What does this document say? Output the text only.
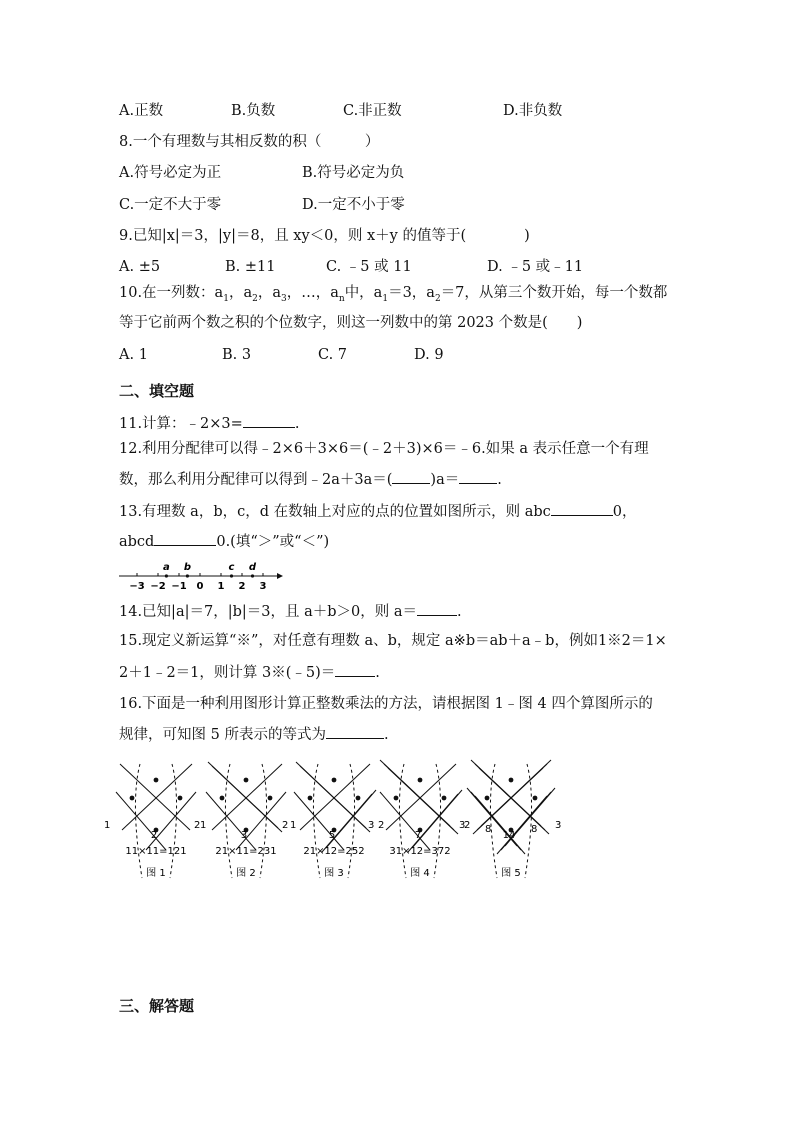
A.正数	B.负数	C.非正数	D.非负数
8.一个有理数与其相反数的积（　　　）
A.符号必定为正	B.符号必定为负
C.一定不大于零	D.一定不小于零
9.已知|x|＝3，|y|＝8，且 xy＜0，则 x＋y 的值等于(　　　　)
A. ±5	B. ±11	C. ﹣5 或 11	D. ﹣5 或﹣11
10.在一列数：$a_1$，$a_2$，$a_3$，…，$a_n$中，$a_1=3$，$a_2=7$，从第三个数开始，每一个数都
等于它前两个数之积的个位数字，则这一列数中的第 2023 个数是(　　)
A. 1	B. 3	C. 7	D. 9
二、填空题
11.计算：﹣2×3=	.
12.利用分配律可以得﹣2×6＋3×6＝(﹣2＋3)×6＝﹣6.如果 a 表示任意一个有理
数，那么利用分配律可以得到﹣2a＋3a＝(	)a＝	.
13.有理数 a，b，c，d 在数轴上对应的点的位置如图所示，则 abc	0，
abcd	0.(填“＞”或“＜”)
−3 −2 −1 0 1 2 3
a b	c d
14.已知|a|＝7，|b|＝3，且 a＋b＞0，则 a＝	.
15.现定义新运算“※”，对任意有理数 a、b，规定 a※b＝ab＋a﹣b，例如1※2＝1×
2＋1﹣2＝1，则计算 3※(﹣5)＝	.
16.下面是一种利用图形计算正整数乘法的方法，请根据图 1﹣图 4 四个算图所示的
规律，可知图 5 所表示的等式为	.
1	1
2
11×11=121
图 1
2	1
3
21×11=231
图 2
2	2
5
21×12=252
图 3
3	2
7
31×12=372
图 4
3	3
14
8	8
图 5
三、解答题
